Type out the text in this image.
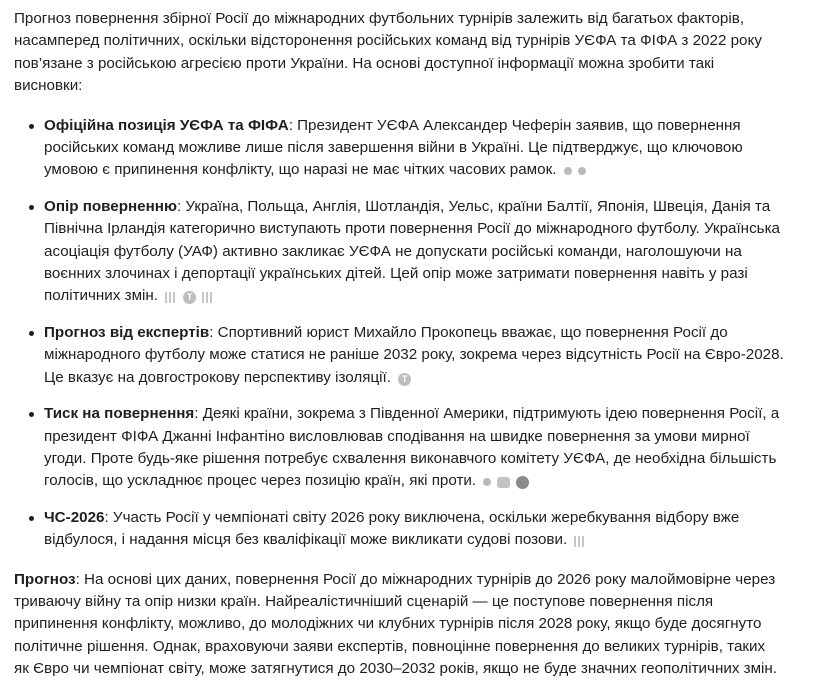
Прогноз повернення збірної Росії до міжнародних футбольних турнірів залежить від багатьох факторів, насамперед політичних, оскільки відсторонення російських команд від турнірів УЄФА та ФІФА з 2022 року пов’язане з російською агресією проти України. На основі доступної інформації можна зробити такі висновки:

Офіційна позиція УЄФА та ФІФА: Президент УЄФА Александер Чеферін заявив, що повернення російських команд можливе лише після завершення війни в Україні. Це підтверджує, що ключовою умовою є припинення конфлікту, що наразі не має чітких часових рамок.
Опір поверненню: Україна, Польща, Англія, Шотландія, Уельс, країни Балтії, Японія, Швеція, Данія та Північна Ірландія категорично виступають проти повернення Росії до міжнародного футболу. Українська асоціація футболу (УАФ) активно закликає УЄФА не допускати російські команди, наголошуючи на воєнних злочинах і депортації українських дітей. Цей опір може затримати повернення навіть у разі політичних змін. T
Прогноз від експертів: Спортивний юрист Михайло Прокопець вважає, що повернення Росії до міжнародного футболу може статися не раніше 2032 року, зокрема через відсутність Росії на Євро-2028. Це вказує на довгострокову перспективу ізоляції. T
Тиск на повернення: Деякі країни, зокрема з Південної Америки, підтримують ідею повернення Росії, а президент ФІФА Джанні Інфантіно висловлював сподівання на швидке повернення за умови мирної угоди. Проте будь-яке рішення потребує схвалення виконавчого комітету УЄФА, де необхідна більшість голосів, що ускладнює процес через позицію країн, які проти.
ЧС-2026: Участь Росії у чемпіонаті світу 2026 року виключена, оскільки жеребкування відбору вже відбулося, і надання місця без кваліфікації може викликати судові позови.

Прогноз: На основі цих даних, повернення Росії до міжнародних турнірів до 2026 року малоймовірне через триваючу війну та опір низки країн. Найреалістичніший сценарій — це поступове повернення після припинення конфлікту, можливо, до молодіжних чи клубних турнірів після 2028 року, якщо буде досягнуто політичне рішення. Однак, враховуючи заяви експертів, повноцінне повернення до великих турнірів, таких як Євро чи чемпіонат світу, може затягнутися до 2030–2032 років, якщо не буде значних геополітичних змін.
